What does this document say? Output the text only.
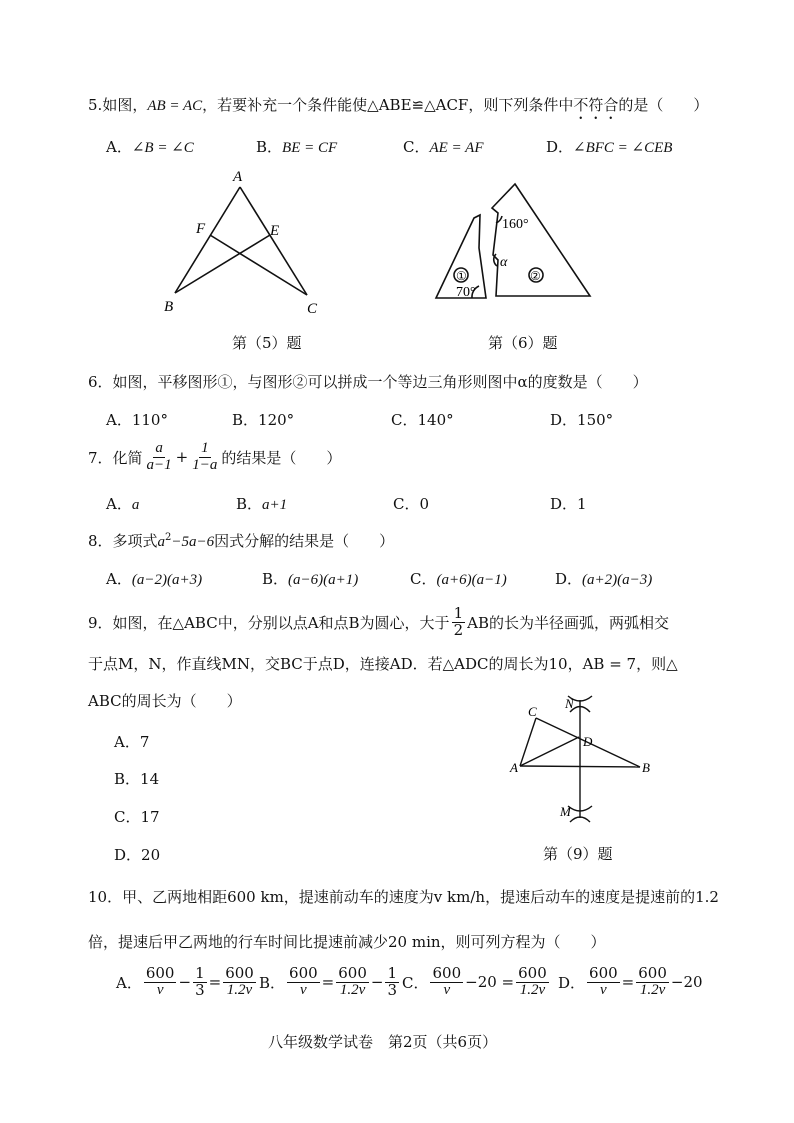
5.如图，AB = AC，若要补充一个条件能使△ABE≌△ACF，则下列条件中不符合的是（　　）
A．∠B = ∠C	B．BE = CF	C．AE = AF	D．∠BFC = ∠CEB
A
F	E
B	C
第（5）题
①	②
70°
160°
α
第（6）题
6．如图，平移图形①，与图形②可以拼成一个等边三角形则图中α的度数是（　　）
A．110°	B．120°	C．140°	D．150°
7．化简 $\frac{a}{a-1} + \frac{1}{1-a}$ 的结果是（　　）
A．a	B．a+1	C．0	D．1
8．多项式$a^2-5a-6$因式分解的结果是（　　）
A．(a−2)(a+3)	B．(a−6)(a+1)	C．(a+6)(a−1)	D．(a+2)(a−3)
9．如图，在△ABC中，分别以点A和点B为圆心，大于 $\frac{1}{2}$ AB的长为半径画弧，两弧相交
于点M，N，作直线MN，交BC于点D，连接AD．若△ADC的周长为10，AB = 7，则△
ABC的周长为（　　）
A．7
B．14
C．17
D．20
A	B
C
D
N
M
第（9）题
10．甲、乙两地相距600 km，提速前动车的速度为v km/h，提速后动车的速度是提速前的1.2
倍，提速后甲乙两地的行车时间比提速前减少20 min，则可列方程为（　　）
A． $\frac{600}{v} - \frac{1}{3} = \frac{600}{1.2v}$ B． $\frac{600}{v} = \frac{600}{1.2v} - \frac{1}{3}$ C． $\frac{600}{v} -20 = \frac{600}{1.2v}$ D． $\frac{600}{v} = \frac{600}{1.2v} -20$
八年级数学试卷　第2页（共6页）
